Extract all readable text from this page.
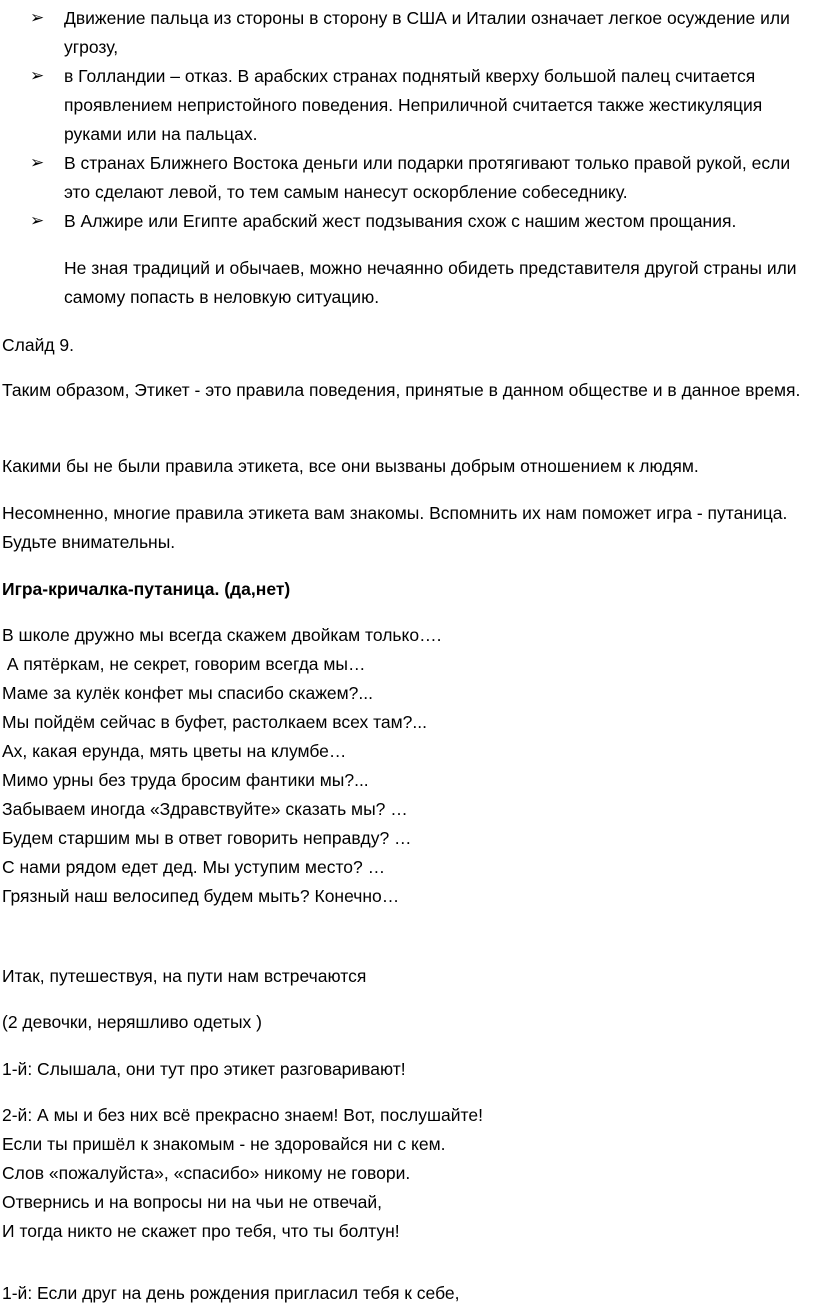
➢ Движение пальца из стороны в сторону в США и Италии означает легкое осуждение или угрозу,
➢ в Голландии – отказ. В арабских странах поднятый кверху большой палец считается проявлением непристойного поведения. Неприличной считается также жестикуляция руками или на пальцах.
➢ В странах Ближнего Востока деньги или подарки протягивают только правой рукой, если это сделают левой, то тем самым нанесут оскорбление собеседнику.
➢ В Алжире или Египте арабский жест подзывания схож с нашим жестом прощания.

Не зная традиций и обычаев, можно нечаянно обидеть представителя другой страны или самому попасть в неловкую ситуацию.

Слайд 9.

Таким образом, Этикет - это правила поведения, принятые в данном обществе и в данное время.

Какими бы не были правила этикета, все они вызваны добрым отношением к людям.

Несомненно, многие правила этикета вам знакомы. Вспомнить их нам поможет игра - путаница. Будьте внимательны.

Игра-кричалка-путаница. (да,нет)

В школе дружно мы всегда скажем двойкам только….
А пятёркам, не секрет, говорим всегда мы…
Маме за кулёк конфет мы спасибо скажем?...
Мы пойдём сейчас в буфет, растолкаем всех там?...
Ах, какая ерунда, мять цветы на клумбе…
Мимо урны без труда бросим фантики мы?...
Забываем иногда «Здравствуйте» сказать мы? …
Будем старшим мы в ответ говорить неправду? …
С нами рядом едет дед. Мы уступим место? …
Грязный наш велосипед будем мыть? Конечно…

Итак, путешествуя, на пути нам встречаются

(2 девочки, неряшливо одетых )

1-й: Слышала, они тут про этикет разговаривают!

2-й: А мы и без них всё прекрасно знаем! Вот, послушайте!
Если ты пришёл к знакомым - не здоровайся ни с кем.
Слов «пожалуйста», «спасибо» никому не говори.
Отвернись и на вопросы ни на чьи не отвечай,
И тогда никто не скажет про тебя, что ты болтун!

1-й: Если друг на день рождения пригласил тебя к себе,
